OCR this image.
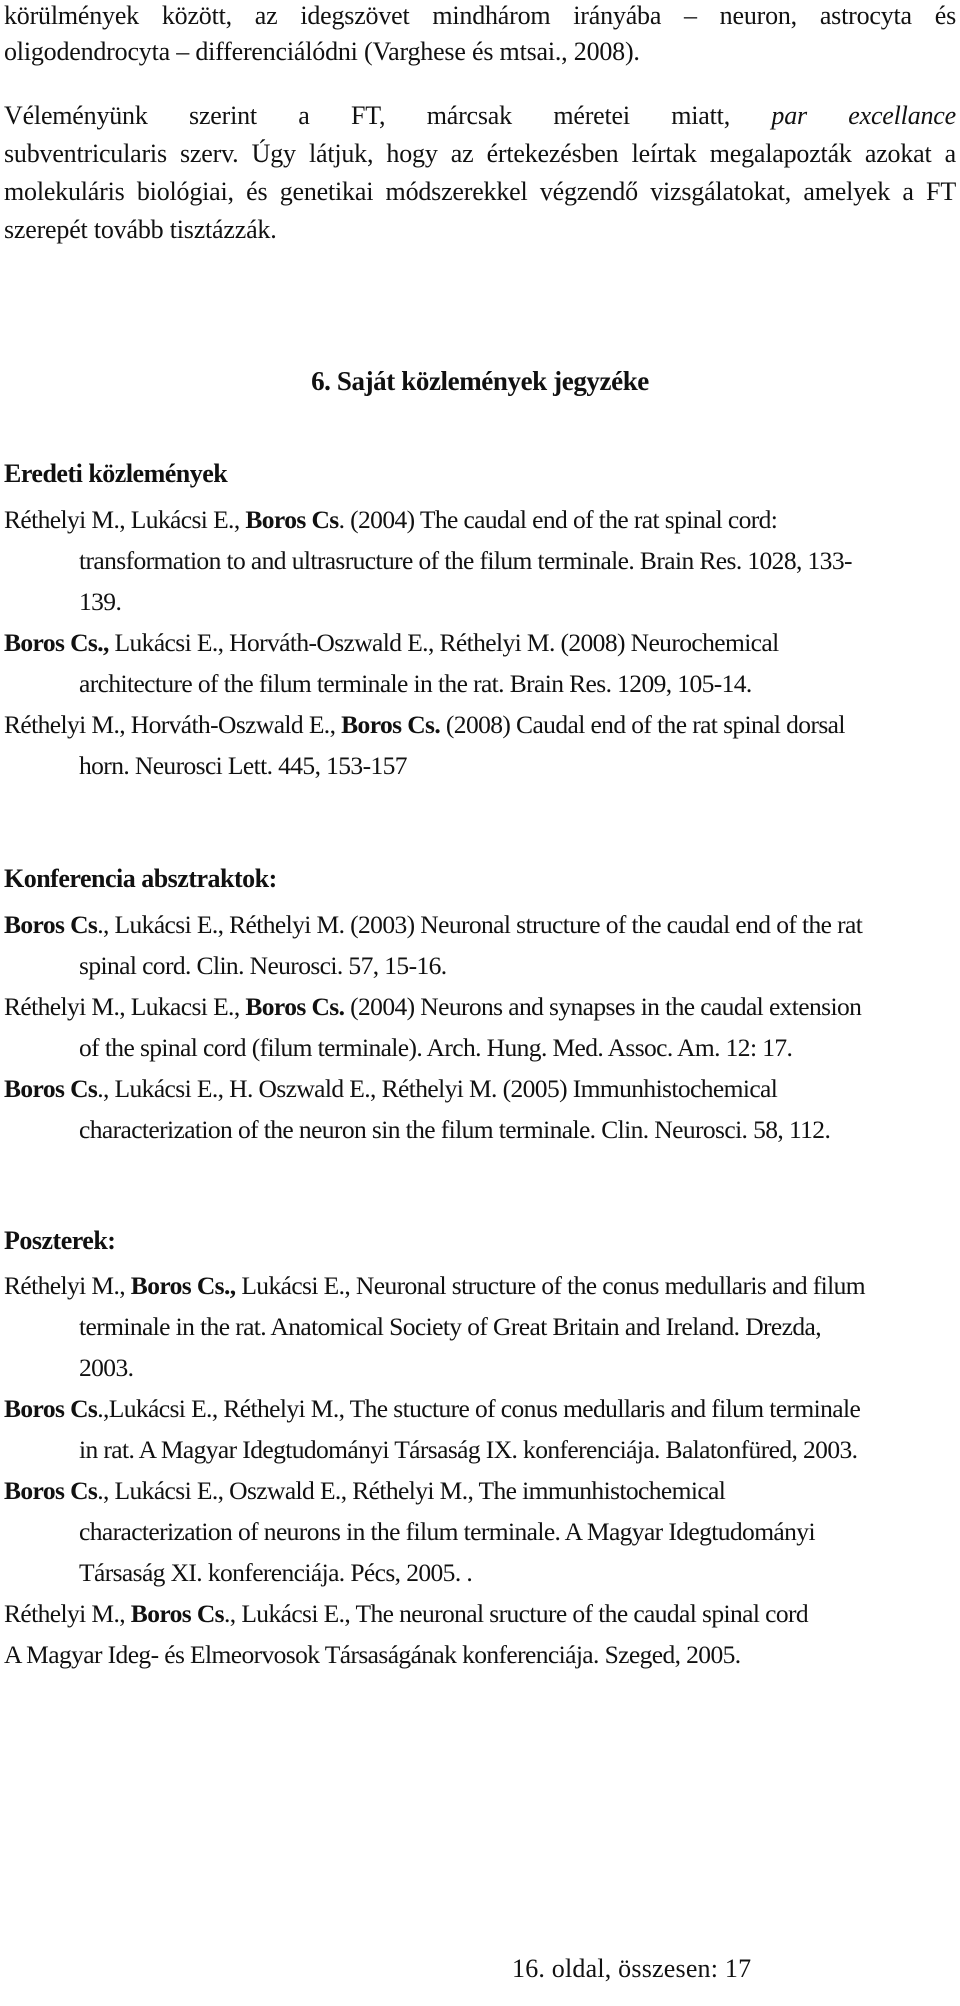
körülmények között, az idegszövet mindhárom irányába – neuron, astrocyta és
oligodendrocyta – differenciálódni (Varghese és mtsai., 2008).
Véleményünk szerint a FT, márcsak méretei miatt, par excellance
subventricularis szerv. Úgy látjuk, hogy az értekezésben leírtak megalapozták azokat a
molekuláris biológiai, és genetikai módszerekkel végzendő vizsgálatokat, amelyek a FT
szerepét tovább tisztázzák.
6. Saját közlemények jegyzéke
Eredeti közlemények
Réthelyi M., Lukácsi E., Boros Cs. (2004) The caudal end of the rat spinal cord:
transformation to and ultrasructure of the filum terminale. Brain Res. 1028, 133-
139.
Boros Cs., Lukácsi E., Horváth-Oszwald E., Réthelyi M. (2008) Neurochemical
architecture of the filum terminale in the rat. Brain Res. 1209, 105-14.
Réthelyi M., Horváth-Oszwald E., Boros Cs. (2008) Caudal end of the rat spinal dorsal
horn. Neurosci Lett. 445, 153-157
Konferencia absztraktok:
Boros Cs., Lukácsi E., Réthelyi M. (2003) Neuronal structure of the caudal end of the rat
spinal cord. Clin. Neurosci. 57, 15-16.
Réthelyi M., Lukacsi E., Boros Cs. (2004) Neurons and synapses in the caudal extension
of the spinal cord (filum terminale). Arch. Hung. Med. Assoc. Am. 12: 17.
Boros Cs., Lukácsi E., H. Oszwald E., Réthelyi M. (2005) Immunhistochemical
characterization of the neuron sin the filum terminale. Clin. Neurosci. 58, 112.
Poszterek:
Réthelyi M., Boros Cs., Lukácsi E., Neuronal structure of the conus medullaris and filum
terminale in the rat. Anatomical Society of Great Britain and Ireland. Drezda,
2003.
Boros Cs.,Lukácsi E., Réthelyi M., The stucture of conus medullaris and filum terminale
in rat. A Magyar Idegtudományi Társaság IX. konferenciája. Balatonfüred, 2003.
Boros Cs., Lukácsi E., Oszwald E., Réthelyi M., The immunhistochemical
characterization of neurons in the filum terminale. A Magyar Idegtudományi
Társaság XI. konferenciája. Pécs, 2005. .
Réthelyi M., Boros Cs., Lukácsi E., The neuronal sructure of the caudal spinal cord
A Magyar Ideg- és Elmeorvosok Társaságának konferenciája. Szeged, 2005.
16. oldal, összesen: 17
